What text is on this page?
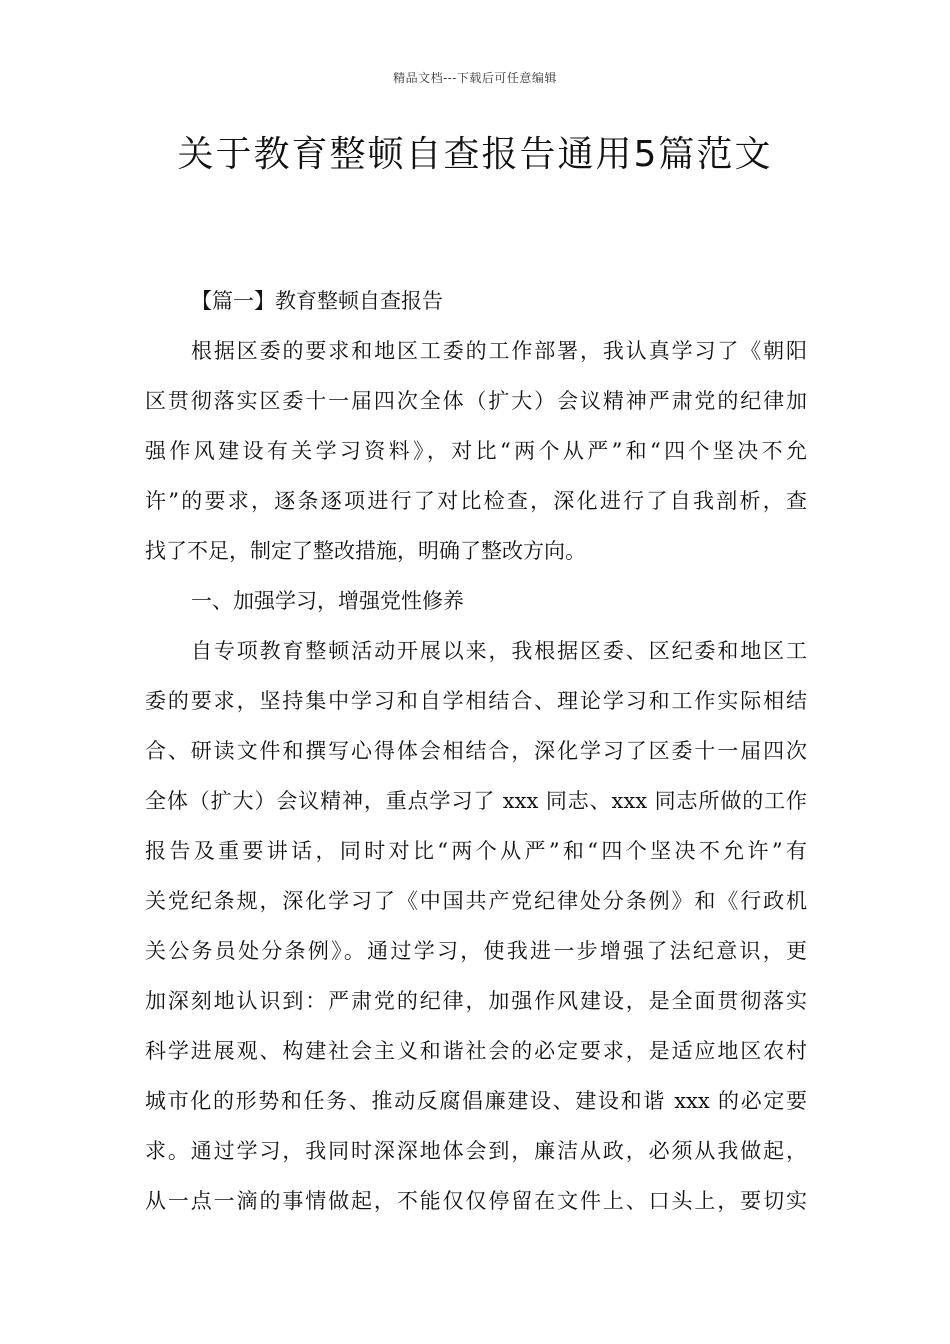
精品文档---下载后可任意编辑
关于教育整顿自查报告通用5篇范文
【篇一】教育整顿自查报告
根据区委的要求和地区工委的工作部署，我认真学习了《朝阳
区贯彻落实区委十一届四次全体（扩大）会议精神严肃党的纪律加
强作风建设有关学习资料》，对比“两个从严”和“四个坚决不允
许”的要求，逐条逐项进行了对比检查，深化进行了自我剖析，查
找了不足，制定了整改措施，明确了整改方向。
一、加强学习，增强党性修养
自专项教育整顿活动开展以来，我根据区委、区纪委和地区工
委的要求，坚持集中学习和自学相结合、理论学习和工作实际相结
合、研读文件和撰写心得体会相结合，深化学习了区委十一届四次
全体（扩大）会议精神，重点学习了 xxx 同志、xxx 同志所做的工作
报告及重要讲话，同时对比“两个从严”和“四个坚决不允许”有
关党纪条规，深化学习了《中国共产党纪律处分条例》和《行政机
关公务员处分条例》。通过学习，使我进一步增强了法纪意识，更
加深刻地认识到：严肃党的纪律，加强作风建设，是全面贯彻落实
科学进展观、构建社会主义和谐社会的必定要求，是适应地区农村
城市化的形势和任务、推动反腐倡廉建设、建设和谐 xxx 的必定要
求。通过学习，我同时深深地体会到，廉洁从政，必须从我做起，
从一点一滴的事情做起，不能仅仅停留在文件上、口头上，要切实
